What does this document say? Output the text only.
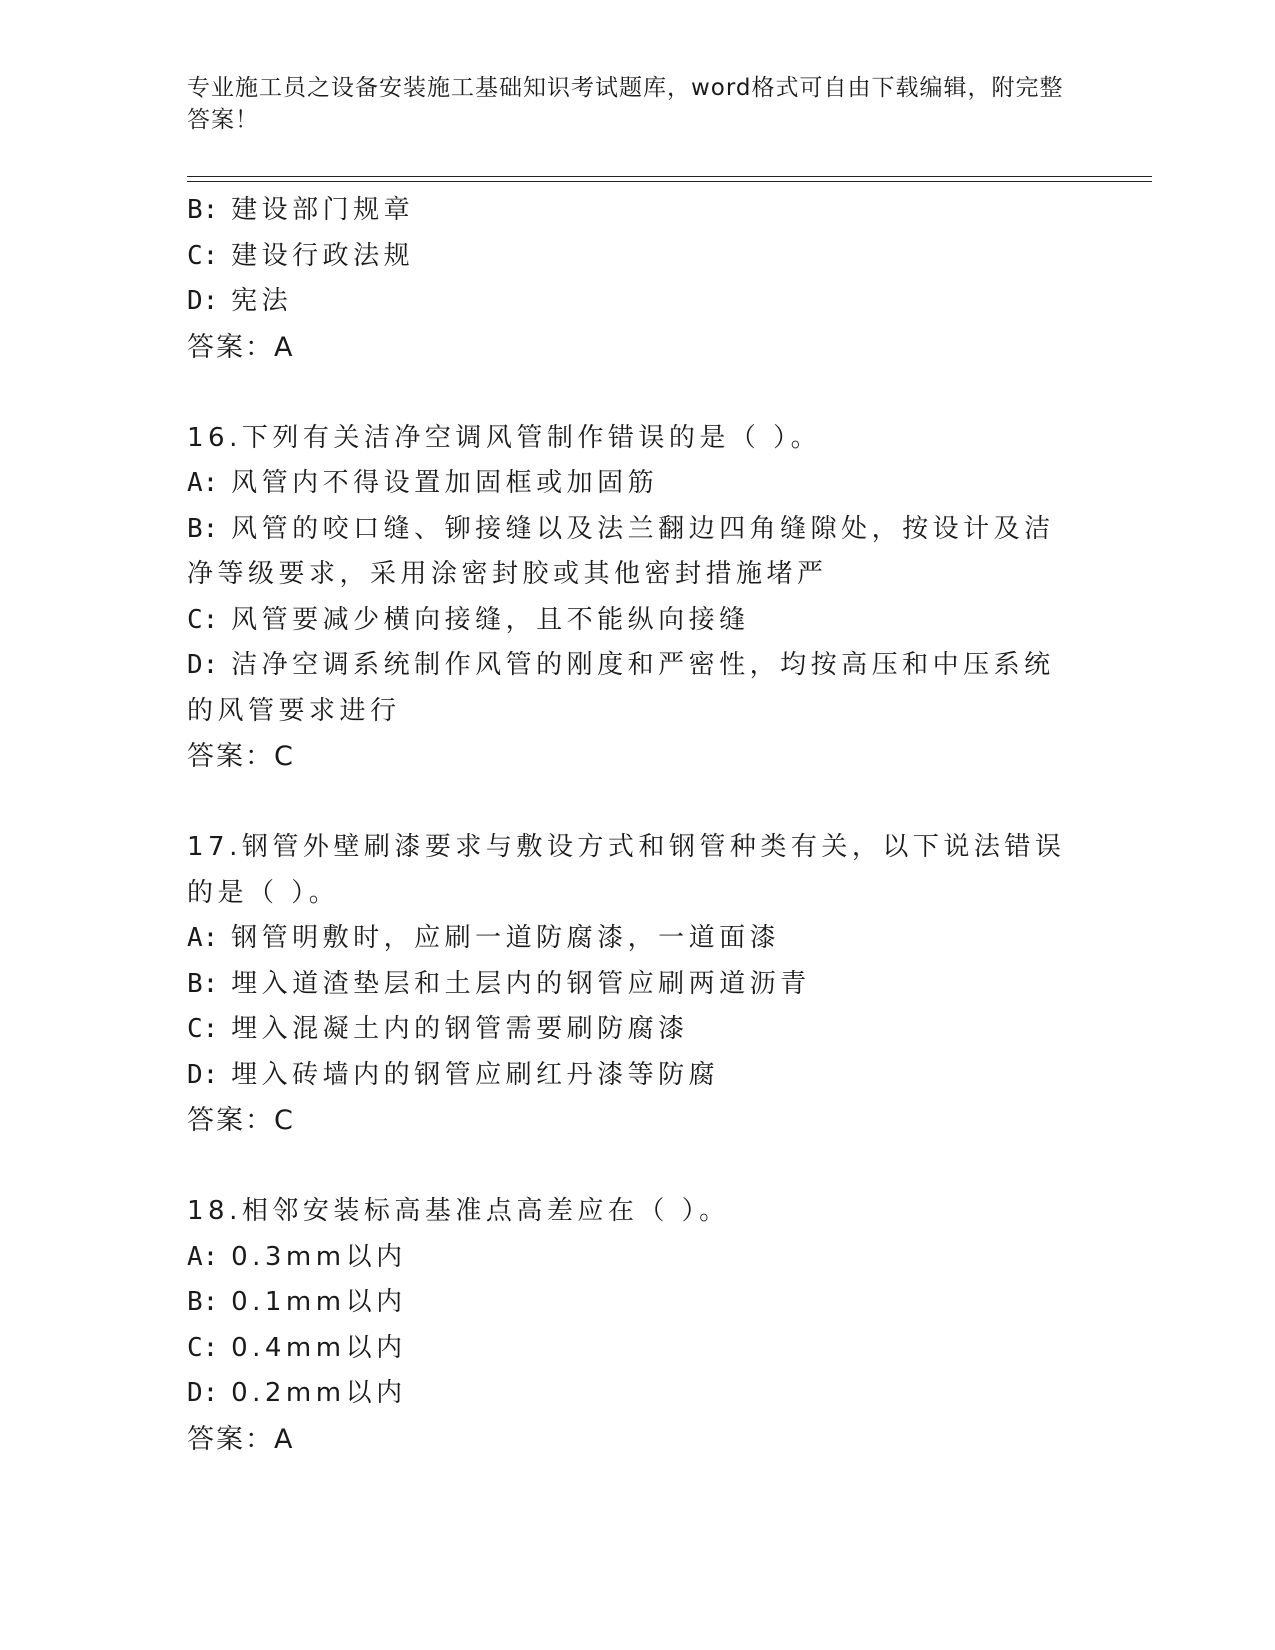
专业施工员之设备安装施工基础知识考试题库，word格式可自由下载编辑，附完整答案！
B: 建设部门规章
C: 建设行政法规
D: 宪法
答案：A
16.下列有关洁净空调风管制作错误的是（ ）。
A: 风管内不得设置加固框或加固筋
B: 风管的咬口缝、铆接缝以及法兰翻边四角缝隙处，按设计及洁净等级要求，采用涂密封胶或其他密封措施堵严
C: 风管要减少横向接缝，且不能纵向接缝
D: 洁净空调系统制作风管的刚度和严密性，均按高压和中压系统的风管要求进行
答案：C
17.钢管外壁刷漆要求与敷设方式和钢管种类有关，以下说法错误的是（ ）。
A: 钢管明敷时，应刷一道防腐漆，一道面漆
B: 埋入道渣垫层和土层内的钢管应刷两道沥青
C: 埋入混凝土内的钢管需要刷防腐漆
D: 埋入砖墙内的钢管应刷红丹漆等防腐
答案：C
18.相邻安装标高基准点高差应在（ ）。
A: 0.3mm以内
B: 0.1mm以内
C: 0.4mm以内
D: 0.2mm以内
答案：A
